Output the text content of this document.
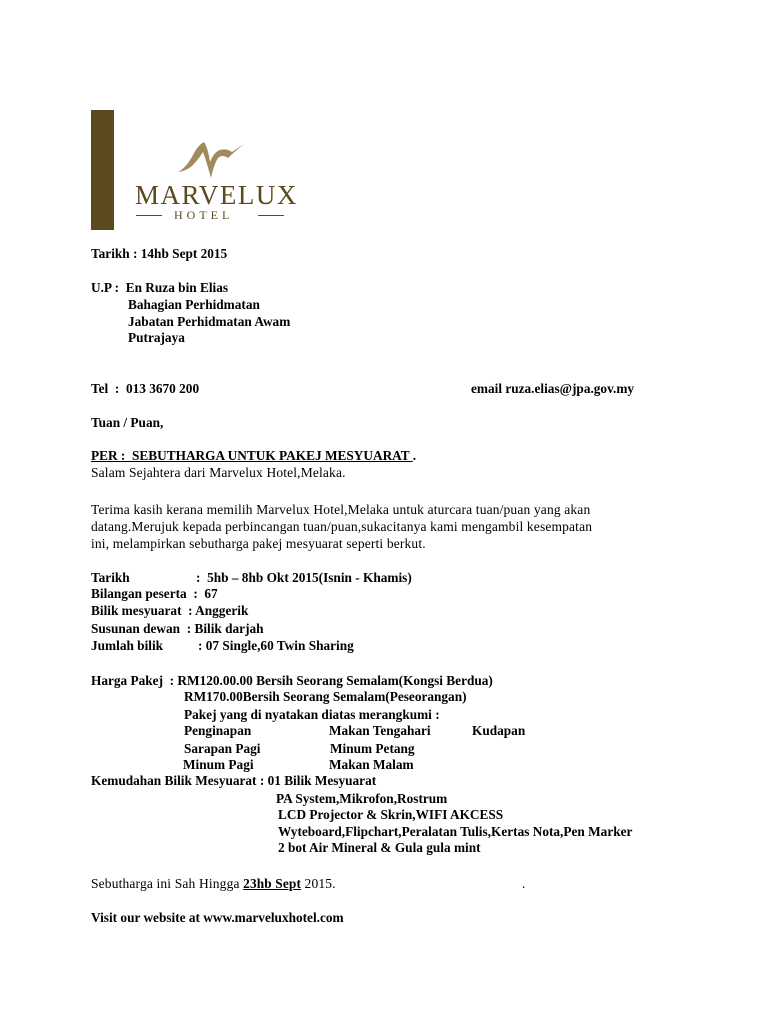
MARVELUX
HOTEL
Tarikh : 14hb Sept 2015
U.P :  En Ruza bin Elias
Bahagian Perhidmatan
Jabatan Perhidmatan Awam
Putrajaya
Tel  :  013 3670 200	email ruza.elias@jpa.gov.my
Tuan / Puan,
PER :  SEBUTHARGA UNTUK PAKEJ MESYUARAT .
Salam Sejahtera dari Marvelux Hotel,Melaka.
Terima kasih kerana memilih Marvelux Hotel,Melaka untuk aturcara tuan/puan yang akan
datang.Merujuk kepada perbincangan tuan/puan,sukacitanya kami mengambil kesempatan
ini, melampirkan sebutharga pakej mesyuarat seperti berkut.
Tarikh	:  5hb – 8hb Okt 2015(Isnin - Khamis)
Bilangan peserta  :  67
Bilik mesyuarat  : Anggerik
Susunan dewan  : Bilik darjah
Jumlah bilik	: 07 Single,60 Twin Sharing
Harga Pakej  : RM120.00.00 Bersih Seorang Semalam(Kongsi Berdua)
RM170.00Bersih Seorang Semalam(Peseorangan)
Pakej yang di nyatakan diatas merangkumi :
Penginapan	Makan Tengahari	Kudapan
Sarapan Pagi	Minum Petang
Minum Pagi	Makan Malam
Kemudahan Bilik Mesyuarat : 01 Bilik Mesyuarat
PA System,Mikrofon,Rostrum
LCD Projector & Skrin,WIFI AKCESS
Wyteboard,Flipchart,Peralatan Tulis,Kertas Nota,Pen Marker
2 bot Air Mineral & Gula gula mint
Sebutharga ini Sah Hingga 23hb Sept 2015.	.
Visit our website at www.marveluxhotel.com
